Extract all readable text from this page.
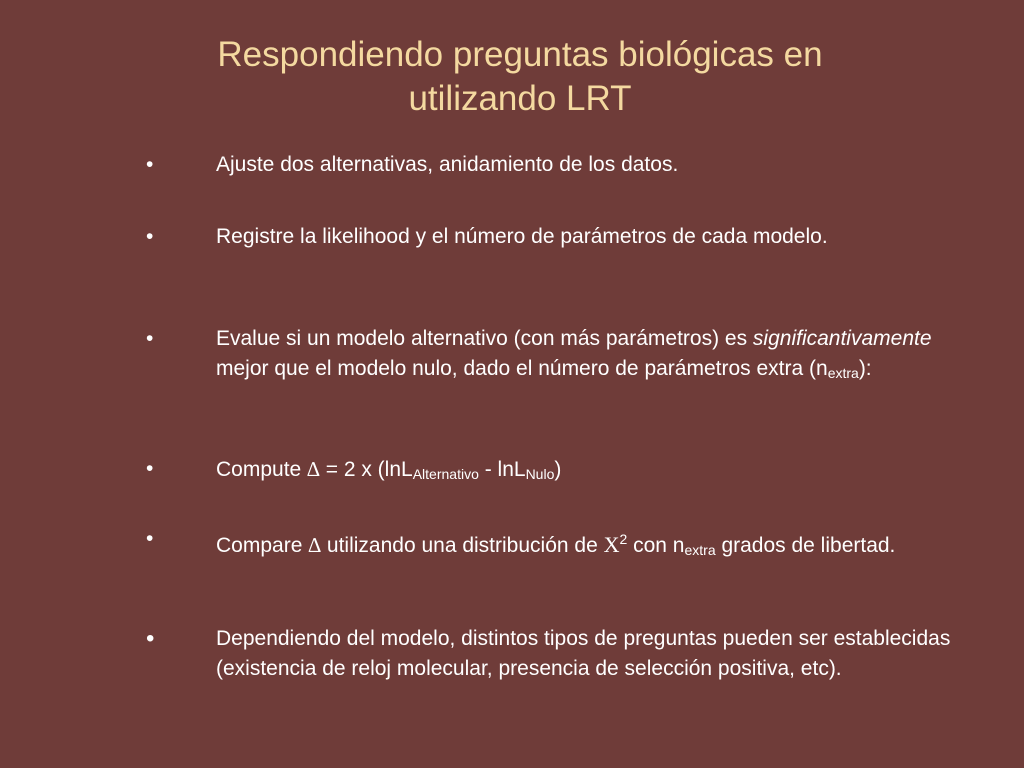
Respondiendo preguntas biológicas en
utilizando LRT
•	Ajuste dos alternativas, anidamiento de los datos.
•	Registre la likelihood y el número de parámetros de cada modelo.
•	Evalue si un modelo alternativo (con más parámetros) es significantivamente mejor que el modelo nulo, dado el número de parámetros extra $(n_{extra})$:
•	Compute ∆ = 2 x (lnL$_{Alternativo}$ - lnL$_{Nulo}$)
•	Compare ∆ utilizando una distribución de $X^2$ con $n_{extra}$ grados de libertad.
•	Dependiendo del modelo, distintos tipos de preguntas pueden ser establecidas (existencia de reloj molecular, presencia de selección positiva, etc).
